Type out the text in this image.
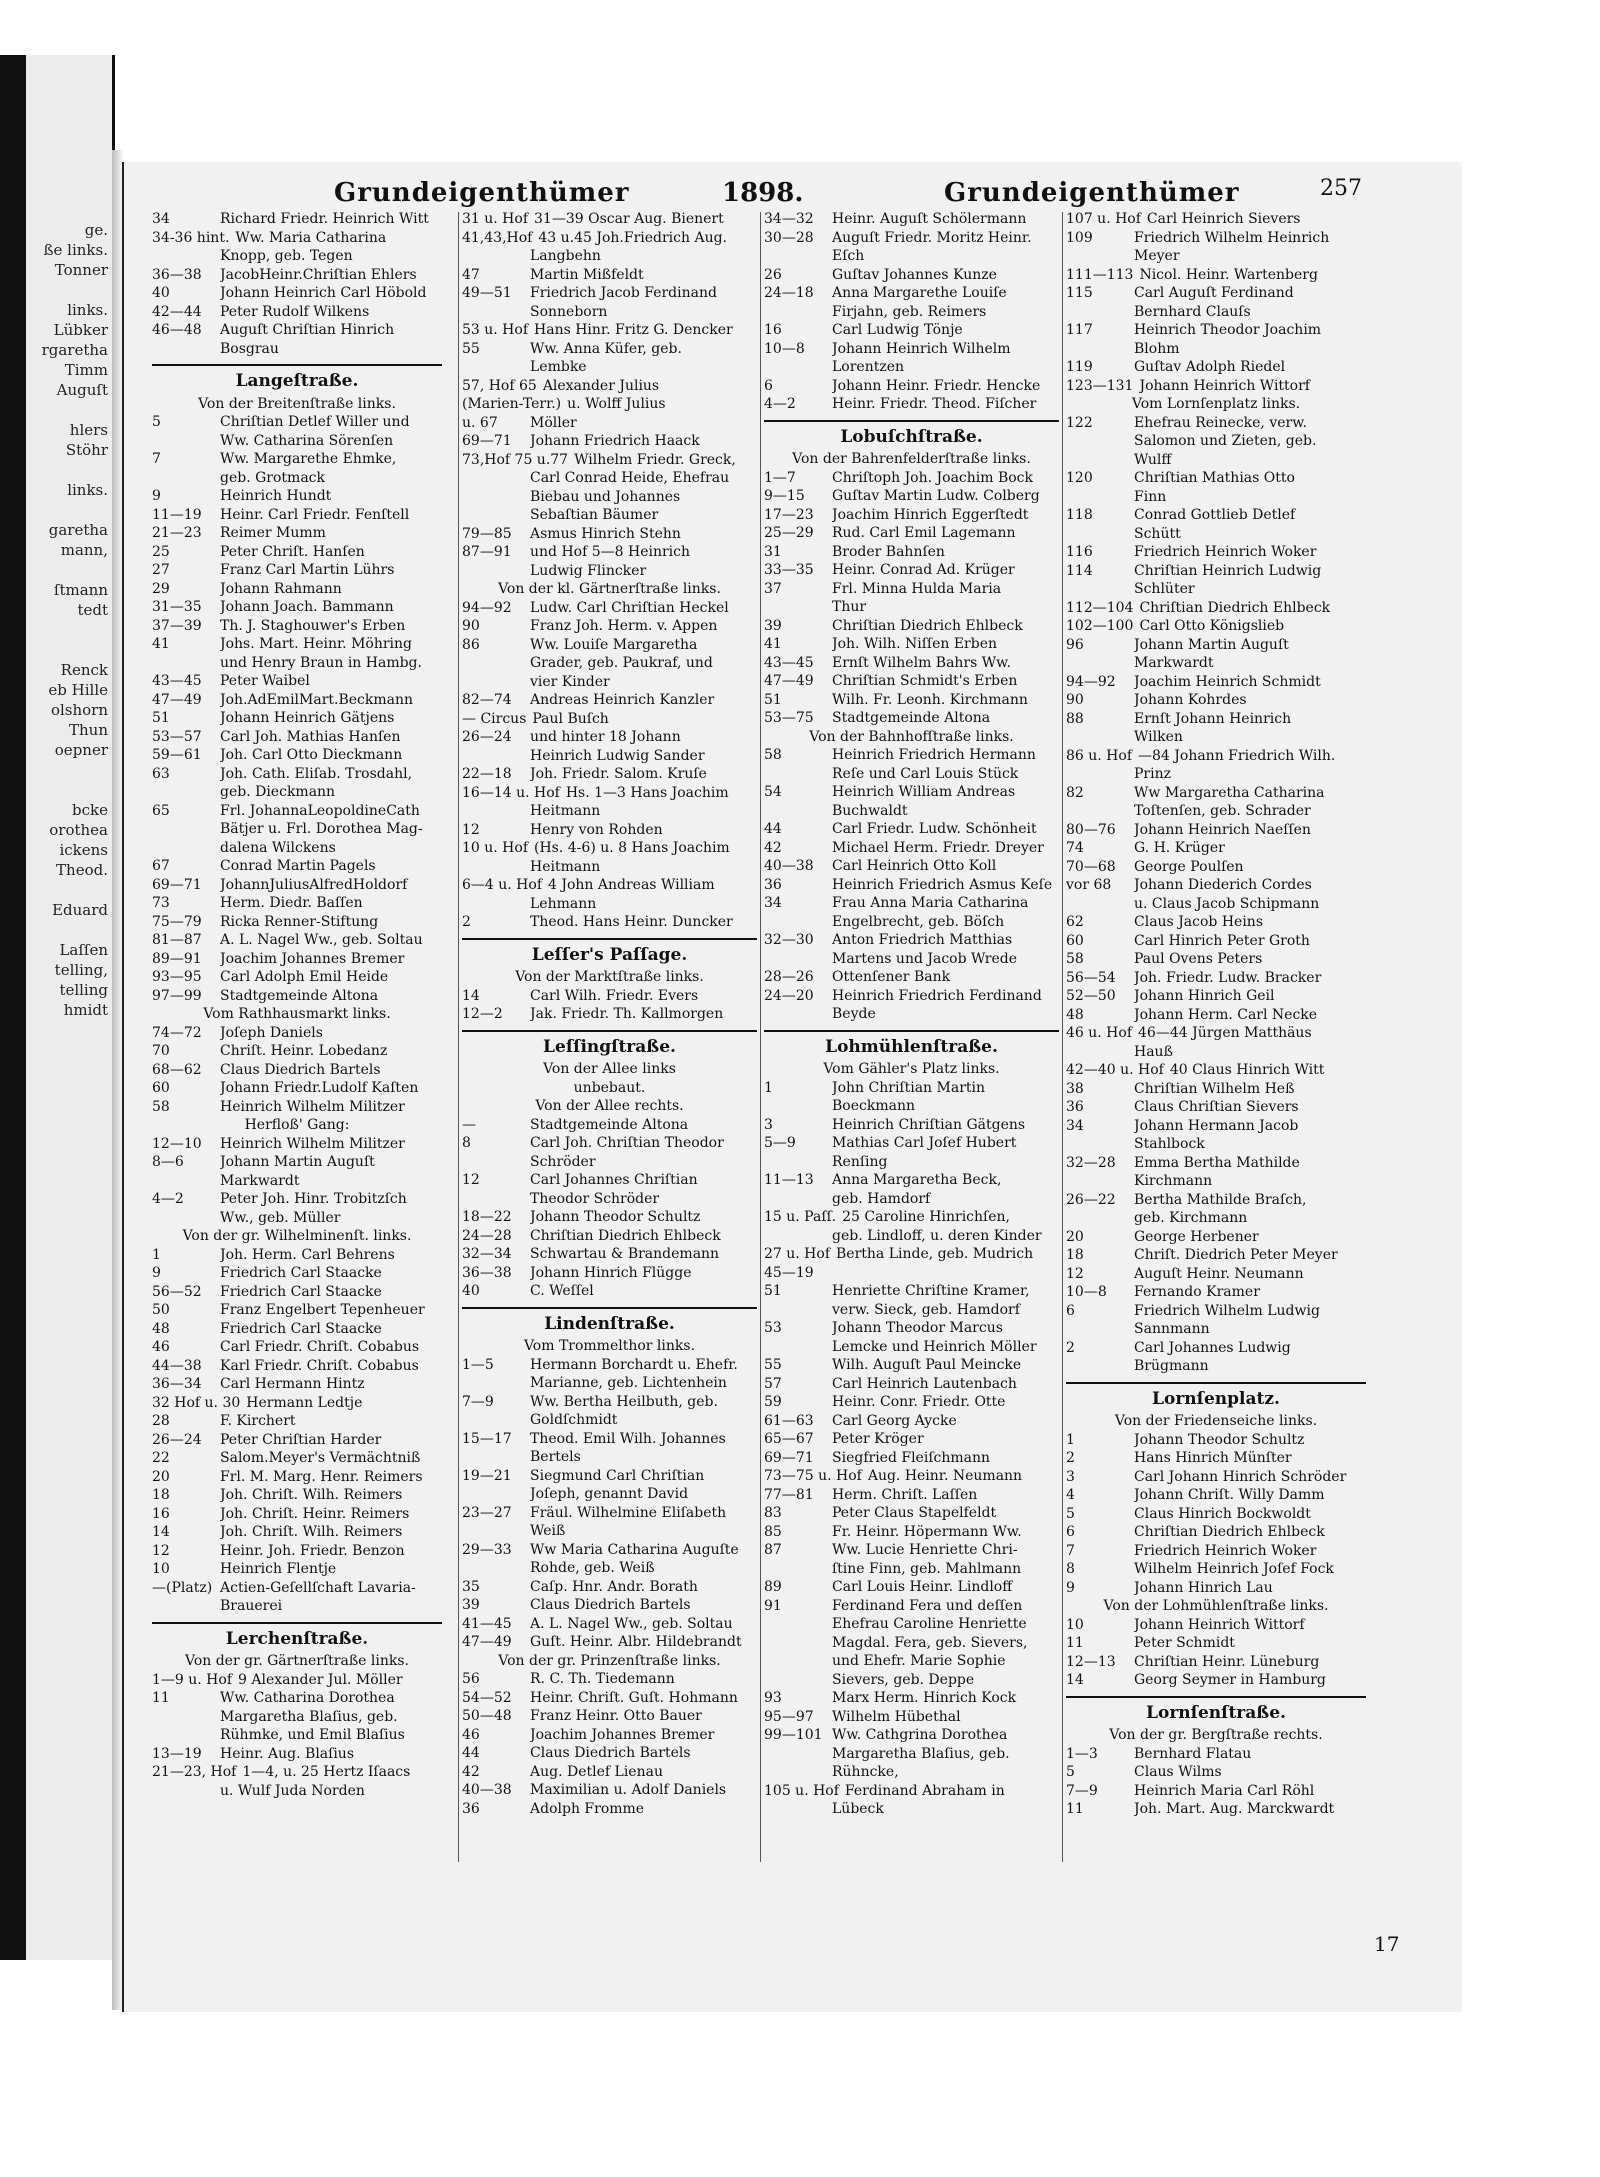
ge.
ße links.
Tonner

links.
Lübker
rgaretha
Timm
Auguſt

hlers
Stöhr

links.

garetha
mann,

ſtmann
tedt

Renck
eb Hille
olshorn
Thun
oepner

bcke
orothea
ickens
Theod.

Eduard

Laſſen
telling,
telling
hmidt
Grundeigenthümer	1898.	Grundeigenthümer	257
34	Richard Friedr. Heinrich Witt
34-36 hint. Ww. Maria Catharina
Knopp, geb. Tegen
36—38	JacobHeinr.Chriſtian Ehlers
40	Johann Heinrich Carl Höbold
42—44	Peter Rudolf Wilkens
46—48	Auguſt Chriſtian Hinrich
Bosgrau
Langeſtraße.
Von der Breitenſtraße links.
5	Chriſtian Detlef Willer und
Ww. Catharina Sörenſen
7	Ww. Margarethe Ehmke,
geb. Grotmack
9	Heinrich Hundt
11—19	Heinr. Carl Friedr. Fenſtell
21—23	Reimer Mumm
25	Peter Chriſt. Hanſen
27	Franz Carl Martin Lührs
29	Johann Rahmann
31—35	Johann Joach. Bammann
37—39	Th. J. Staghouwer's Erben
41	Johs. Mart. Heinr. Möhring
und Henry Braun in Hambg.
43—45	Peter Waibel
47—49	Joh.AdEmilMart.Beckmann
51	Johann Heinrich Gätjens
53—57	Carl Joh. Mathias Hanſen
59—61	Joh. Carl Otto Dieckmann
63	Joh. Cath. Eliſab. Trosdahl,
geb. Dieckmann
65	Frl. JohannaLeopoldineCath
Bätjer u. Frl. Dorothea Mag-
dalena Wilckens
67	Conrad Martin Pagels
69—71	JohannJuliusAlfredHoldorf
73	Herm. Diedr. Baſſen
75—79	Ricka Renner-Stiftung
81—87	A. L. Nagel Ww., geb. Soltau
89—91	Joachim Johannes Bremer
93—95	Carl Adolph Emil Heide
97—99	Stadtgemeinde Altona
Vom Rathhausmarkt links.
74—72	Joſeph Daniels
70	Chriſt. Heinr. Lobedanz
68—62	Claus Diedrich Bartels
60	Johann Friedr.Ludolf Kaſten
58	Heinrich Wilhelm Militzer
Herfloß' Gang:
12—10	Heinrich Wilhelm Militzer
8—6	Johann Martin Auguſt
Markwardt
4—2	Peter Joh. Hinr. Trobitzſch
Ww., geb. Müller
Von der gr. Wilhelminenſt. links.
1	Joh. Herm. Carl Behrens
9	Friedrich Carl Staacke
56—52	Friedrich Carl Staacke
50	Franz Engelbert Tepenheuer
48	Friedrich Carl Staacke
46	Carl Friedr. Chriſt. Cobabus
44—38	Karl Friedr. Chriſt. Cobabus
36—34	Carl Hermann Hintz
32 Hof u. 30 Hermann Ledtje
28	F. Kirchert
26—24	Peter Chriſtian Harder
22	Salom.Meyer's Vermächtniß
20	Frl. M. Marg. Henr. Reimers
18	Joh. Chriſt. Wilh. Reimers
16	Joh. Chriſt. Heinr. Reimers
14	Joh. Chriſt. Wilh. Reimers
12	Heinr. Joh. Friedr. Benzon
10	Heinrich Flentje
—(Platz) Actien-Geſellſchaft Lavaria-
Brauerei
Lerchenſtraße.
Von der gr. Gärtnerſtraße links.
1—9 u. Hof 9 Alexander Jul. Möller
11	Ww. Catharina Dorothea
Margaretha Blaſius, geb.
Rühmke, und Emil Blaſius
13—19	Heinr. Aug. Blaſius
21—23, Hof 1—4, u. 25 Hertz Iſaacs
u. Wulf Juda Norden
31 u. Hof 31—39 Oscar Aug. Bienert
41,43,Hof 43 u.45 Joh.Friedrich Aug.
Langbehn
47	Martin Mißfeldt
49—51	Friedrich Jacob Ferdinand
Sonneborn
53 u. Hof Hans Hinr. Fritz G. Dencker
55	Ww. Anna Küfer, geb.
Lembke
57, Hof 65 Alexander Julius
(Marien-Terr.) u. Wolff Julius
u. 67	Möller
69—71	Johann Friedrich Haack
73,Hof 75 u.77 Wilhelm Friedr. Greck,
Carl Conrad Heide, Ehefrau
Biebau und Johannes
Sebaſtian Bäumer
79—85	Asmus Hinrich Stehn
87—91	und Hof 5—8 Heinrich
Ludwig Flincker
Von der kl. Gärtnerſtraße links.
94—92	Ludw. Carl Chriſtian Heckel
90	Franz Joh. Herm. v. Appen
86	Ww. Louiſe Margaretha
Grader, geb. Paukraf, und
vier Kinder
82—74	Andreas Heinrich Kanzler
— Circus Paul Buſch
26—24	und hinter 18 Johann
Heinrich Ludwig Sander
22—18	Joh. Friedr. Salom. Kruſe
16—14 u. Hof Hs. 1—3 Hans Joachim
Heitmann
12	Henry von Rohden
10 u. Hof (Hs. 4-6) u. 8 Hans Joachim
Heitmann
6—4 u. Hof 4 John Andreas William
Lehmann
2	Theod. Hans Heinr. Duncker
Leſſer's Paſſage.
Von der Marktſtraße links.
14	Carl Wilh. Friedr. Evers
12—2	Jak. Friedr. Th. Kallmorgen
Leſſingſtraße.
Von der Allee links
unbebaut.
Von der Allee rechts.
—	Stadtgemeinde Altona
8	Carl Joh. Chriſtian Theodor
Schröder
12	Carl Johannes Chriſtian
Theodor Schröder
18—22	Johann Theodor Schultz
24—28	Chriſtian Diedrich Ehlbeck
32—34	Schwartau & Brandemann
36—38	Johann Hinrich Flügge
40	C. Weſſel
Lindenſtraße.
Vom Trommelthor links.
1—5	Hermann Borchardt u. Ehefr.
Marianne, geb. Lichtenhein
7—9	Ww. Bertha Heilbuth, geb.
Goldſchmidt
15—17	Theod. Emil Wilh. Johannes
Bertels
19—21	Siegmund Carl Chriſtian
Joſeph, genannt David
23—27	Fräul. Wilhelmine Eliſabeth
Weiß
29—33	Ww Maria Catharina Auguſte
Rohde, geb. Weiß
35	Caſp. Hnr. Andr. Borath
39	Claus Diedrich Bartels
41—45	A. L. Nagel Ww., geb. Soltau
47—49	Guſt. Heinr. Albr. Hildebrandt
Von der gr. Prinzenſtraße links.
56	R. C. Th. Tiedemann
54—52	Heinr. Chriſt. Guſt. Hohmann
50—48	Franz Heinr. Otto Bauer
46	Joachim Johannes Bremer
44	Claus Diedrich Bartels
42	Aug. Detlef Lienau
40—38	Maximilian u. Adolf Daniels
36	Adolph Fromme
34—32	Heinr. Auguſt Schölermann
30—28	Auguſt Friedr. Moritz Heinr.
Eſch
26	Guſtav Johannes Kunze
24—18	Anna Margarethe Louiſe
Firjahn, geb. Reimers
16	Carl Ludwig Tönje
10—8	Johann Heinrich Wilhelm
Lorentzen
6	Johann Heinr. Friedr. Hencke
4—2	Heinr. Friedr. Theod. Fiſcher
Lobuſchſtraße.
Von der Bahrenfelderſtraße links.
1—7	Chriſtoph Joh. Joachim Bock
9—15	Guſtav Martin Ludw. Colberg
17—23	Joachim Hinrich Eggerſtedt
25—29	Rud. Carl Emil Lagemann
31	Broder Bahnſen
33—35	Heinr. Conrad Ad. Krüger
37	Frl. Minna Hulda Maria
Thur
39	Chriſtian Diedrich Ehlbeck
41	Joh. Wilh. Niſſen Erben
43—45	Ernſt Wilhelm Bahrs Ww.
47—49	Chriſtian Schmidt's Erben
51	Wilh. Fr. Leonh. Kirchmann
53—75	Stadtgemeinde Altona
Von der Bahnhofſtraße links.
58	Heinrich Friedrich Hermann
Reſe und Carl Louis Stück
54	Heinrich William Andreas
Buchwaldt
44	Carl Friedr. Ludw. Schönheit
42	Michael Herm. Friedr. Dreyer
40—38	Carl Heinrich Otto Koll
36	Heinrich Friedrich Asmus Keſe
34	Frau Anna Maria Catharina
Engelbrecht, geb. Böſch
32—30	Anton Friedrich Matthias
Martens und Jacob Wrede
28—26	Ottenſener Bank
24—20	Heinrich Friedrich Ferdinand
Beyde
Lohmühlenſtraße.
Vom Gähler's Platz links.
1	John Chriſtian Martin
Boeckmann
3	Heinrich Chriſtian Gätgens
5—9	Mathias Carl Joſef Hubert
Renſing
11—13	Anna Margaretha Beck,
geb. Hamdorf
15 u. Paſſ. 25 Caroline Hinrichſen,
geb. Lindloff, u. deren Kinder
27 u. Hof Bertha Linde, geb. Mudrich
45—19
51	Henriette Chriſtine Kramer,
verw. Sieck, geb. Hamdorf
53	Johann Theodor Marcus
Lemcke und Heinrich Möller
55	Wilh. Auguſt Paul Meincke
57	Carl Heinrich Lautenbach
59	Heinr. Conr. Friedr. Otte
61—63	Carl Georg Aycke
65—67	Peter Kröger
69—71	Siegfried Fleiſchmann
73—75 u. Hof Aug. Heinr. Neumann
77—81	Herm. Chriſt. Laſſen
83	Peter Claus Stapelfeldt
85	Fr. Heinr. Höpermann Ww.
87	Ww. Lucie Henriette Chri-
ſtine Finn, geb. Mahlmann
89	Carl Louis Heinr. Lindloff
91	Ferdinand Fera und deſſen
Ehefrau Caroline Henriette
Magdal. Fera, geb. Sievers,
und Ehefr. Marie Sophie
Sievers, geb. Deppe
93	Marx Herm. Hinrich Kock
95—97	Wilhelm Hübethal
99—101 Ww. Cathgrina Dorothea
Margaretha Blaſius, geb.
Rühncke,
105 u. Hof Ferdinand Abraham in
Lübeck
107 u. Hof Carl Heinrich Sievers
109	Friedrich Wilhelm Heinrich
Meyer
111—113 Nicol. Heinr. Wartenberg
115	Carl Auguſt Ferdinand
Bernhard Clauſs
117	Heinrich Theodor Joachim
Blohm
119	Guſtav Adolph Riedel
123—131 Johann Heinrich Wittorf
Vom Lornſenplatz links.
122	Ehefrau Reinecke, verw.
Salomon und Zieten, geb.
Wulff
120	Chriſtian Mathias Otto
Finn
118	Conrad Gottlieb Detlef
Schütt
116	Friedrich Heinrich Woker
114	Chriſtian Heinrich Ludwig
Schlüter
112—104 Chriſtian Diedrich Ehlbeck
102—100 Carl Otto Königslieb
96	Johann Martin Auguſt
Markwardt
94—92	Joachim Heinrich Schmidt
90	Johann Kohrdes
88	Ernſt Johann Heinrich
Wilken
86 u. Hof —84 Johann Friedrich Wilh.
Prinz
82	Ww Margaretha Catharina
Toſtenſen, geb. Schrader
80—76	Johann Heinrich Naeſſen
74	G. H. Krüger
70—68	George Poulſen
vor 68	Johann Diederich Cordes
u. Claus Jacob Schipmann
62	Claus Jacob Heins
60	Carl Hinrich Peter Groth
58	Paul Ovens Peters
56—54	Joh. Friedr. Ludw. Bracker
52—50	Johann Hinrich Geil
48	Johann Herm. Carl Necke
46 u. Hof 46—44 Jürgen Matthäus
Hauß
42—40 u. Hof 40 Claus Hinrich Witt
38	Chriſtian Wilhelm Heß
36	Claus Chriſtian Sievers
34	Johann Hermann Jacob
Stahlbock
32—28	Emma Bertha Mathilde
Kirchmann
26—22	Bertha Mathilde Braſch,
geb. Kirchmann
20	George Herbener
18	Chriſt. Diedrich Peter Meyer
12	Auguſt Heinr. Neumann
10—8	Fernando Kramer
6	Friedrich Wilhelm Ludwig
Sannmann
2	Carl Johannes Ludwig
Brügmann
Lornſenplatz.
Von der Friedenseiche links.
1	Johann Theodor Schultz
2	Hans Hinrich Münſter
3	Carl Johann Hinrich Schröder
4	Johann Chriſt. Willy Damm
5	Claus Hinrich Bockwoldt
6	Chriſtian Diedrich Ehlbeck
7	Friedrich Heinrich Woker
8	Wilhelm Heinrich Joſef Fock
9	Johann Hinrich Lau
Von der Lohmühlenſtraße links.
10	Johann Heinrich Wittorf
11	Peter Schmidt
12—13	Chriſtian Heinr. Lüneburg
14	Georg Seymer in Hamburg
Lornſenſtraße.
Von der gr. Bergſtraße rechts.
1—3	Bernhard Flatau
5	Claus Wilms
7—9	Heinrich Maria Carl Röhl
11	Joh. Mart. Aug. Marckwardt
17
